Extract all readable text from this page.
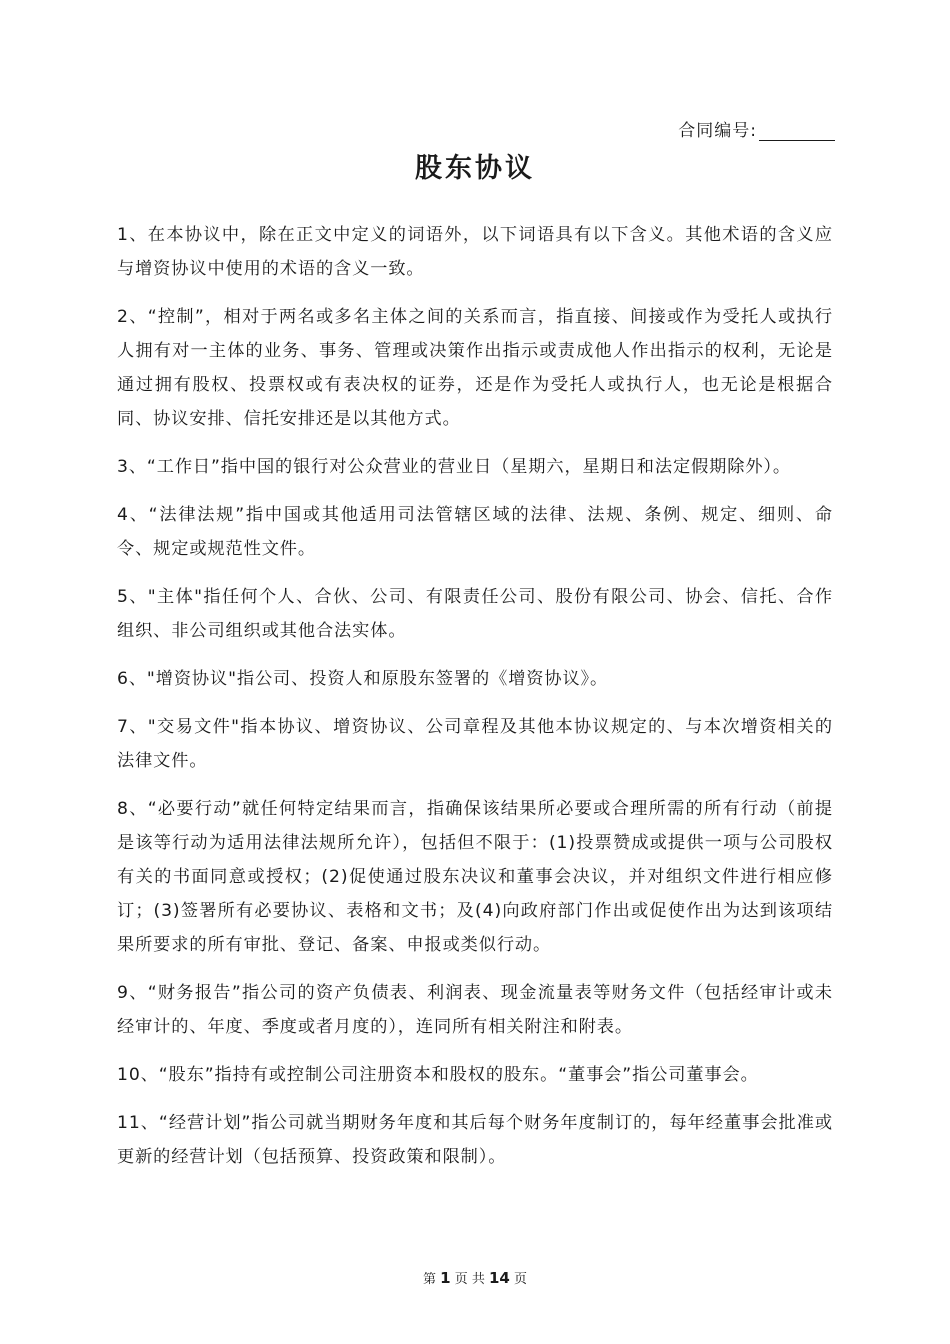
合同编号:
股东协议

1、在本协议中，除在正文中定义的词语外，以下词语具有以下含义。其他术语的含义应与增资协议中使用的术语的含义一致。

2、“控制”，相对于两名或多名主体之间的关系而言，指直接、间接或作为受托人或执行人拥有对一主体的业务、事务、管理或决策作出指示或责成他人作出指示的权利，无论是通过拥有股权、投票权或有表决权的证券，还是作为受托人或执行人，也无论是根据合同、协议安排、信托安排还是以其他方式。

3、“工作日”指中国的银行对公众营业的营业日（星期六，星期日和法定假期除外）。

4、“法律法规”指中国或其他适用司法管辖区域的法律、法规、条例、规定、细则、命令、规定或规范性文件。

5、"主体"指任何个人、合伙、公司、有限责任公司、股份有限公司、协会、信托、合作组织、非公司组织或其他合法实体。

6、"增资协议"指公司、投资人和原股东签署的《增资协议》。

7、"交易文件"指本协议、增资协议、公司章程及其他本协议规定的、与本次增资相关的法律文件。

8、“必要行动”就任何特定结果而言，指确保该结果所必要或合理所需的所有行动（前提是该等行动为适用法律法规所允许），包括但不限于：(1)投票赞成或提供一项与公司股权有关的书面同意或授权；(2)促使通过股东决议和董事会决议，并对组织文件进行相应修订；(3)签署所有必要协议、表格和文书；及(4)向政府部门作出或促使作出为达到该项结果所要求的所有审批、登记、备案、申报或类似行动。

9、“财务报告”指公司的资产负债表、利润表、现金流量表等财务文件（包括经审计或未经审计的、年度、季度或者月度的），连同所有相关附注和附表。

10、“股东”指持有或控制公司注册资本和股权的股东。“董事会”指公司董事会。

11、“经营计划”指公司就当期财务年度和其后每个财务年度制订的，每年经董事会批准或更新的经营计划（包括预算、投资政策和限制）。

第 1 页 共 14 页
